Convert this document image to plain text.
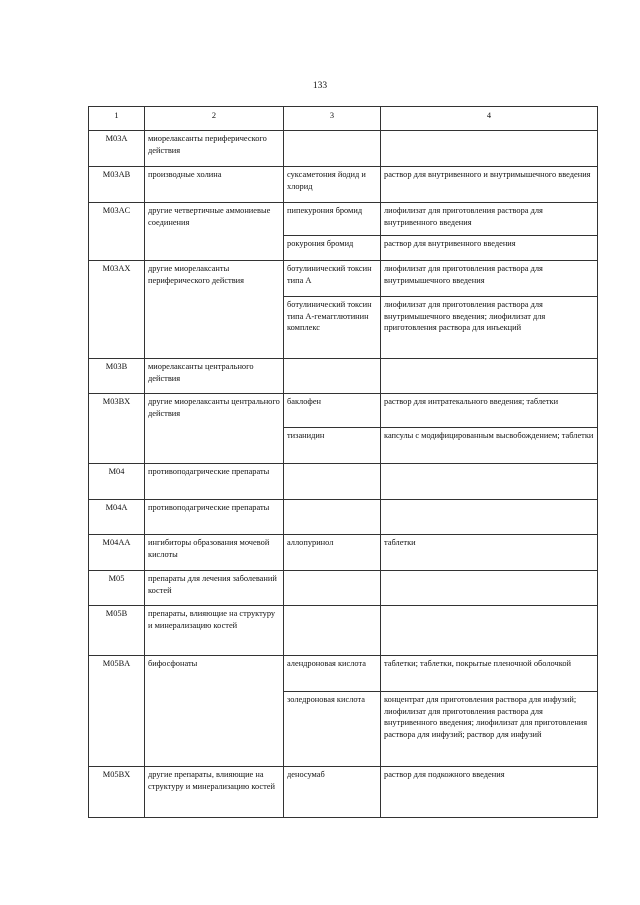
133
1	2	3	4
M03A	миорелаксанты периферического действия		
M03AB	производные холина	суксаметония йодид и хлорид	раствор для внутривенного и внутримышечного введения
M03AC	другие четвертичные аммониевые соединения	пипекурония бромид	лиофилизат для приготовления раствора для внутривенного введения
		рокурония бромид	раствор для внутривенного введения
M03AX	другие миорелаксанты периферического действия	ботулинический токсин типа А	лиофилизат для приготовления раствора для внутримышечного введения
		ботулинический токсин типа А-гемагглютинин комплекс	лиофилизат для приготовления раствора для внутримышечного введения; лиофилизат для приготовления раствора для инъекций
M03B	миорелаксанты центрального действия		
M03BX	другие миорелаксанты центрального действия	баклофен	раствор для интратекального введения; таблетки
		тизанидин	капсулы с модифицированным высвобождением; таблетки
M04	противоподагрические препараты		
M04A	противоподагрические препараты		
M04AA	ингибиторы образования мочевой кислоты	аллопуринол	таблетки
M05	препараты для лечения заболеваний костей		
M05B	препараты, влияющие на структуру и минерализацию костей		
M05BA	бифосфонаты	алендроновая кислота	таблетки; таблетки, покрытые пленочной оболочкой
		золедроновая кислота	концентрат для приготовления раствора для инфузий; лиофилизат для приготовления раствора для внутривенного введения; лиофилизат для приготовления раствора для инфузий; раствор для инфузий
M05BX	другие препараты, влияющие на структуру и минерализацию костей	деносумаб	раствор для подкожного введения
